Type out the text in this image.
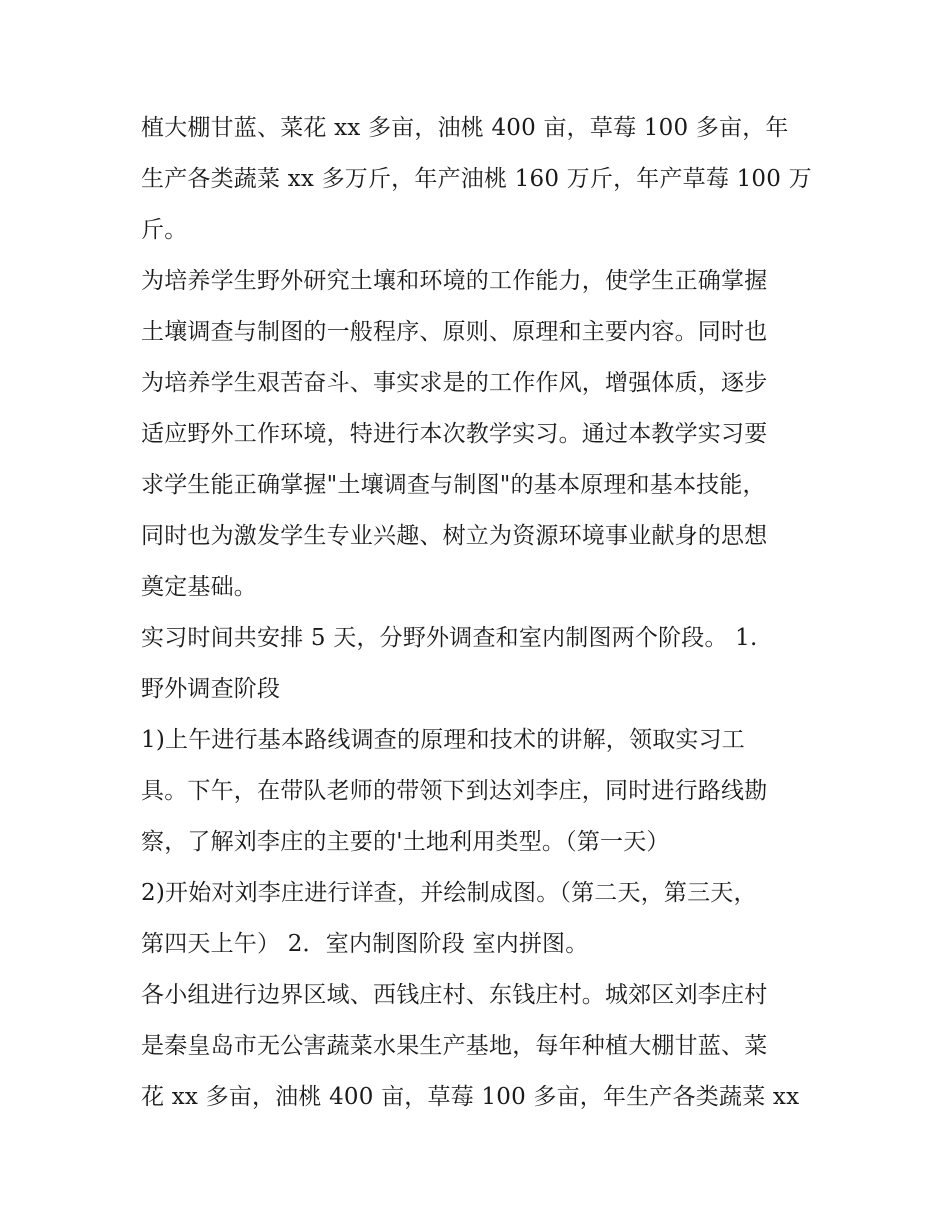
植大棚甘蓝、菜花 xx 多亩，油桃 400 亩，草莓 100 多亩，年
生产各类蔬菜 xx 多万斤，年产油桃 160 万斤，年产草莓 100 万
斤。
为培养学生野外研究土壤和环境的工作能力，使学生正确掌握
土壤调查与制图的一般程序、原则、原理和主要内容。同时也
为培养学生艰苦奋斗、事实求是的工作作风，增强体质，逐步
适应野外工作环境，特进行本次教学实习。通过本教学实习要
求学生能正确掌握"土壤调查与制图"的基本原理和基本技能，
同时也为激发学生专业兴趣、树立为资源环境事业献身的思想
奠定基础。
实习时间共安排 5 天，分野外调查和室内制图两个阶段。 1.
野外调查阶段
1)上午进行基本路线调查的原理和技术的讲解，领取实习工
具。下午，在带队老师的带领下到达刘李庄，同时进行路线勘
察，了解刘李庄的主要的'土地利用类型。（第一天）
2)开始对刘李庄进行详查，并绘制成图。（第二天，第三天，
第四天上午） 2．室内制图阶段 室内拼图。
各小组进行边界区域、西钱庄村、东钱庄村。城郊区刘李庄村
是秦皇岛市无公害蔬菜水果生产基地，每年种植大棚甘蓝、菜
花 xx 多亩，油桃 400 亩，草莓 100 多亩，年生产各类蔬菜 xx
